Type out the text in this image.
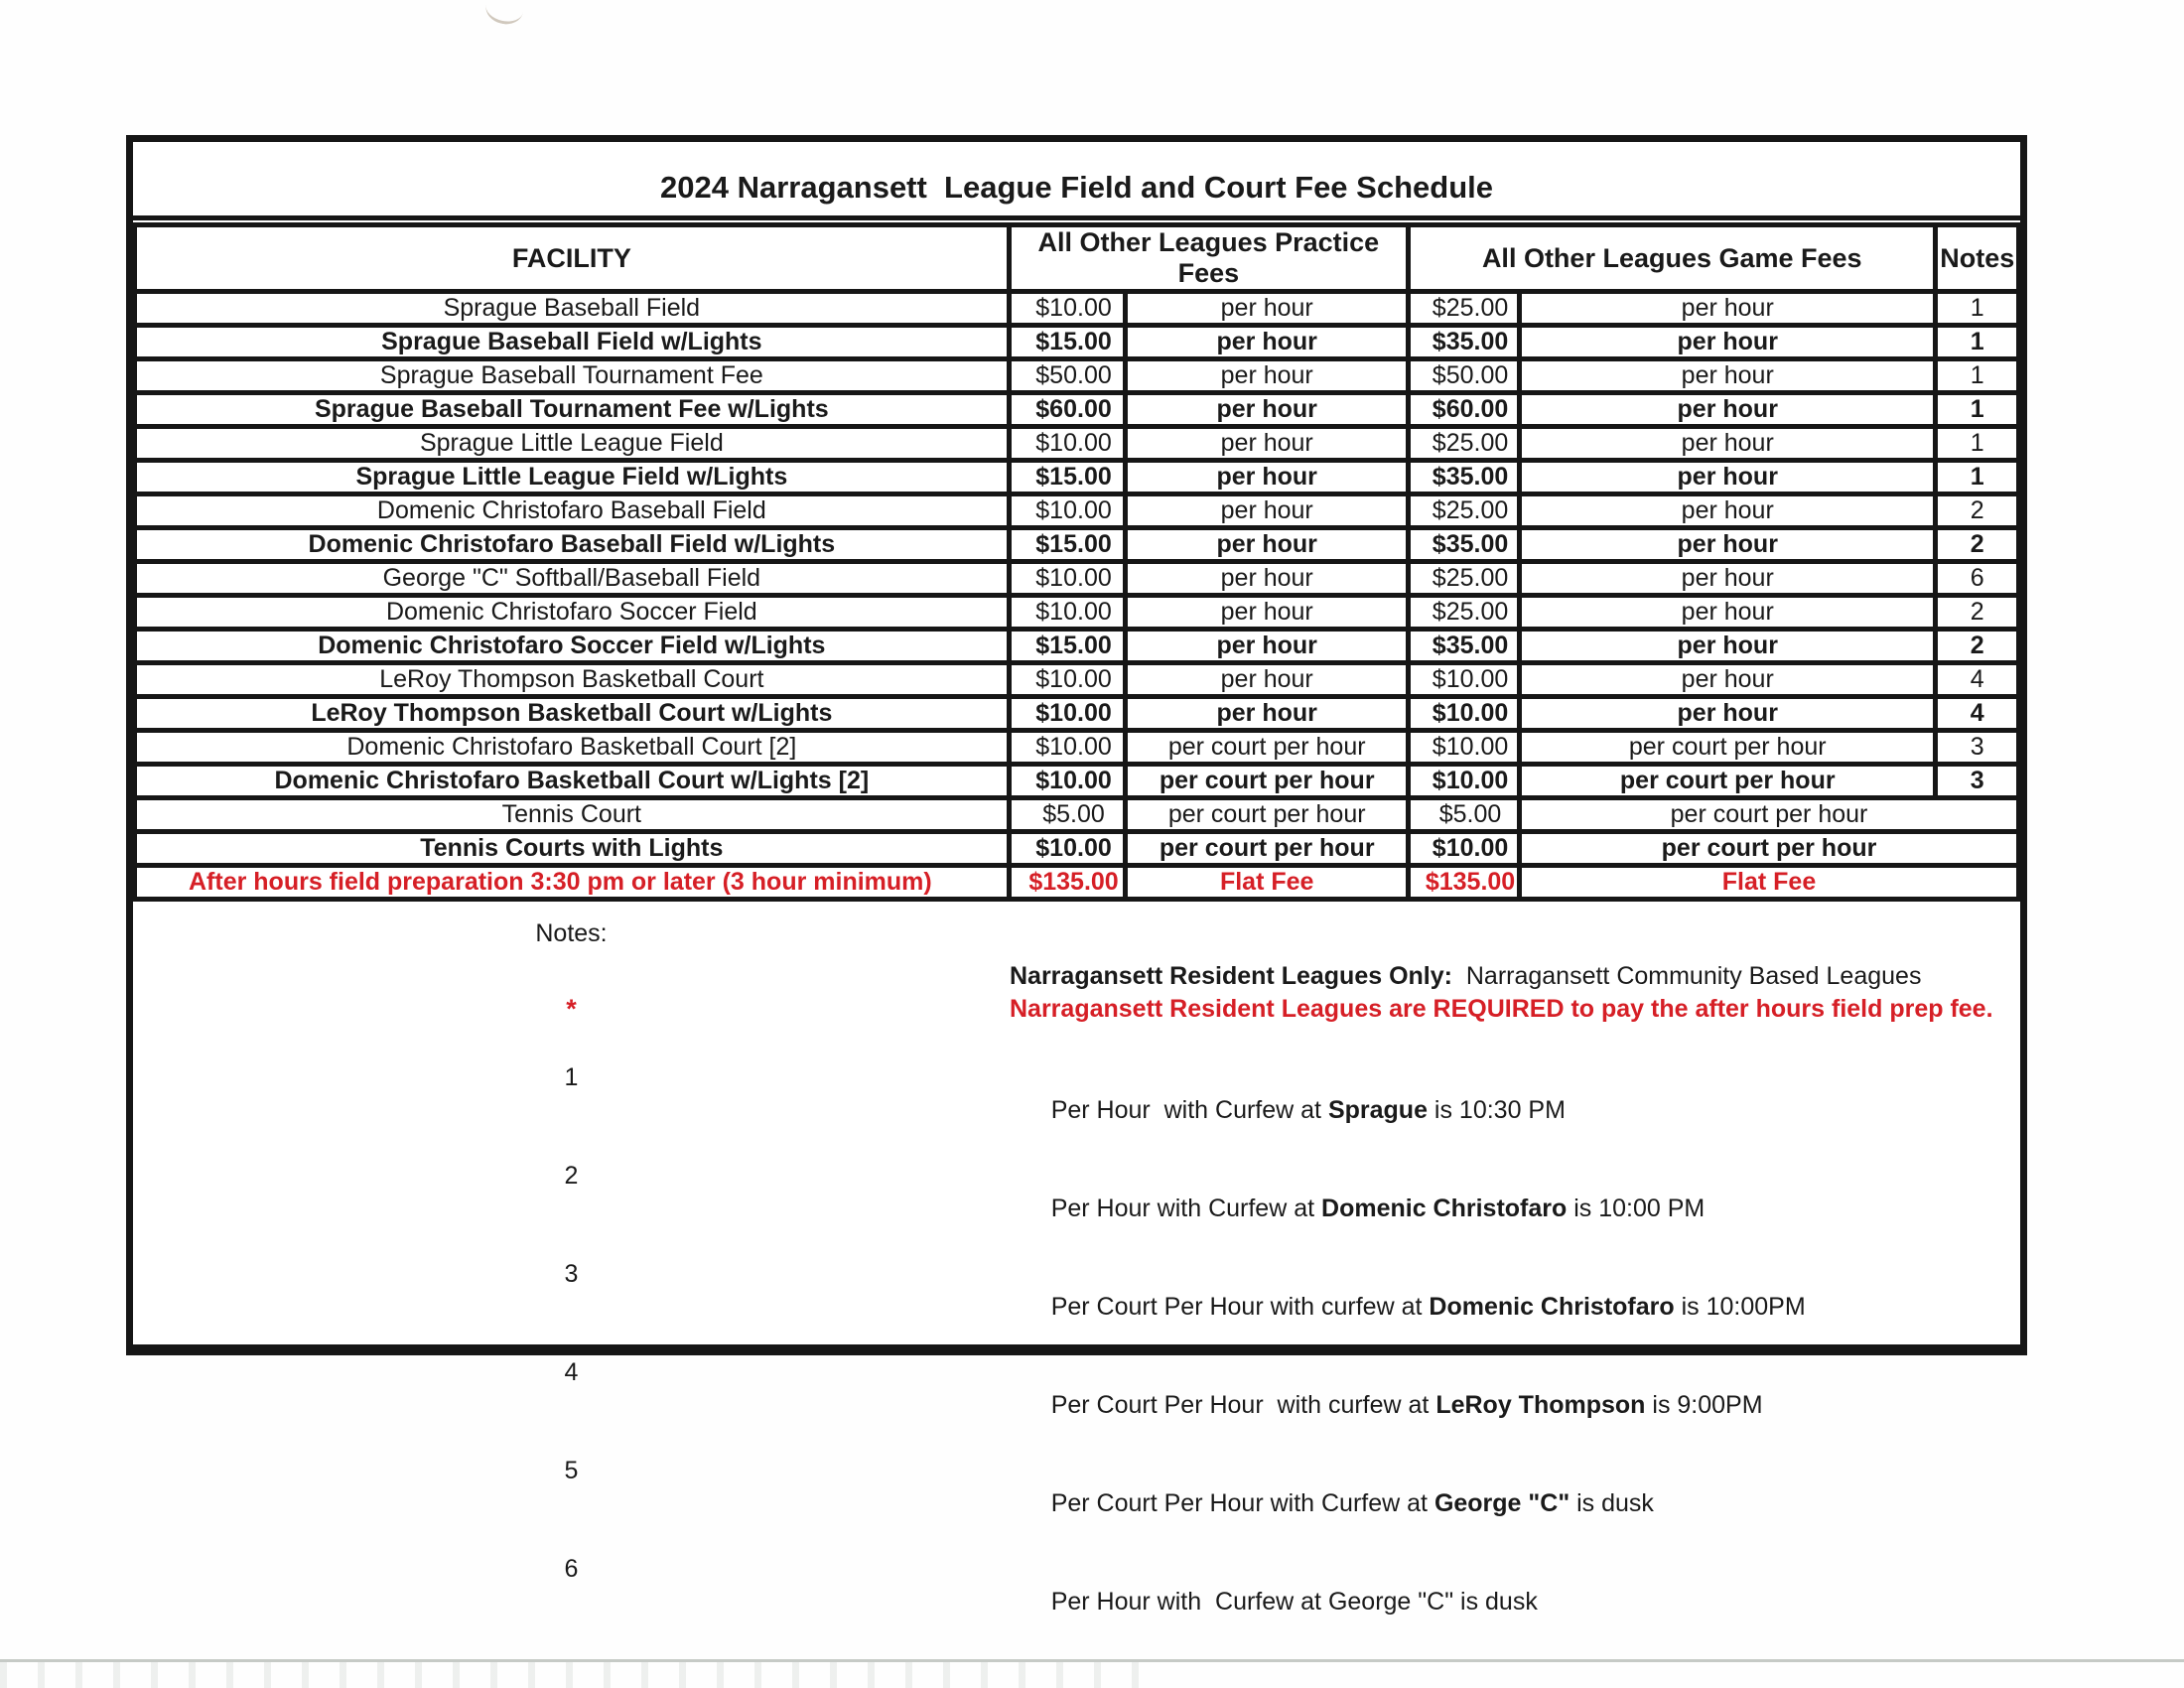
2024 Narragansett  League Field and Court Fee Schedule
FACILITY	All Other Leagues Practice Fees		All Other Leagues Game Fees		Notes
Sprague Baseball Field	$10.00	per hour	$25.00	per hour	1
Sprague Baseball Field w/Lights	$15.00	per hour	$35.00	per hour	1
Sprague Baseball Tournament Fee	$50.00	per hour	$50.00	per hour	1
Sprague Baseball Tournament Fee w/Lights	$60.00	per hour	$60.00	per hour	1
Sprague Little League Field	$10.00	per hour	$25.00	per hour	1
Sprague Little League Field w/Lights	$15.00	per hour	$35.00	per hour	1
Domenic Christofaro Baseball Field	$10.00	per hour	$25.00	per hour	2
Domenic Christofaro Baseball Field w/Lights	$15.00	per hour	$35.00	per hour	2
George "C" Softball/Baseball Field	$10.00	per hour	$25.00	per hour	6
Domenic Christofaro Soccer Field	$10.00	per hour	$25.00	per hour	2
Domenic Christofaro Soccer Field w/Lights	$15.00	per hour	$35.00	per hour	2
LeRoy Thompson Basketball Court	$10.00	per hour	$10.00	per hour	4
LeRoy Thompson Basketball Court w/Lights	$10.00	per hour	$10.00	per hour	4
Domenic Christofaro Basketball Court [2]	$10.00	per court per hour	$10.00	per court per hour	3
Domenic Christofaro Basketball Court w/Lights [2]	$10.00	per court per hour	$10.00	per court per hour	3
Tennis Court	$5.00	per court per hour	$5.00	per court per hour	
Tennis Courts with Lights	$10.00	per court per hour	$10.00	per court per hour	
After hours field preparation 3:30 pm or later (3 hour minimum)	$135.00	Flat Fee	$135.00	Flat Fee	
Notes:
Narragansett Resident Leagues Only:  Narragansett Community Based Leagues
*	Narragansett Resident Leagues are REQUIRED to pay the after hours field prep fee.
1

Per Hour  with Curfew at Sprague is 10:30 PM

2

Per Hour with Curfew at Domenic Christofaro is 10:00 PM

3

Per Court Per Hour with curfew at Domenic Christofaro is 10:00PM

4

Per Court Per Hour  with curfew at LeRoy Thompson is 9:00PM

5

Per Court Per Hour with Curfew at George "C" is dusk

6

Per Hour with  Curfew at George "C" is dusk
